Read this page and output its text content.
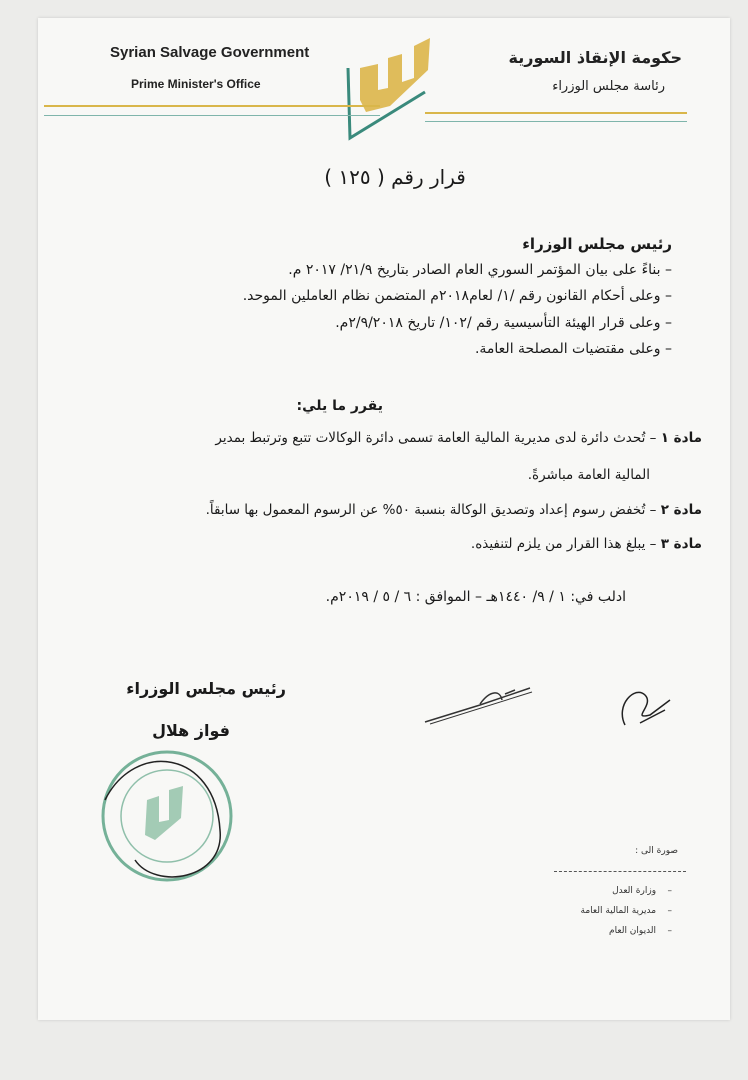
Syrian Salvage Government
Prime Minister's Office
حكومة الإنقاذ السورية
رئاسة مجلس الوزراء
قرار رقم ( ١٢٥ )
رئيس مجلس الوزراء
– بناءً على بيان المؤتمر السوري العام الصادر بتاريخ ٢١/٩/ ٢٠١٧ م.
– وعلى أحكام القانون رقم /١/ لعام٢٠١٨م المتضمن نظام العاملين الموحد.
– وعلى قرار الهيئة التأسيسية رقم /١٠٢/ تاريخ ٢/٩/٢٠١٨م.
– وعلى مقتضيات المصلحة العامة.
يقرر ما يلي:
مادة ١ – تُحدث دائرة لدى مديرية المالية العامة تسمى دائرة الوكالات تتبع وترتبط بمدير
المالية العامة مباشرةً.
مادة ٢ – تُخفض رسوم إعداد وتصديق الوكالة بنسبة ٥٠% عن الرسوم المعمول بها سابقاً.
مادة ٣ – يبلغ هذا القرار من يلزم لتنفيذه.
ادلب في: ١ / ٩/ ١٤٤٠هـ – الموافق : ٦ / ٥ / ٢٠١٩م.
رئيس مجلس الوزراء
فواز هلال
صورة الى :
–    وزارة العدل
–    مديرية المالية العامة
–    الديوان العام
